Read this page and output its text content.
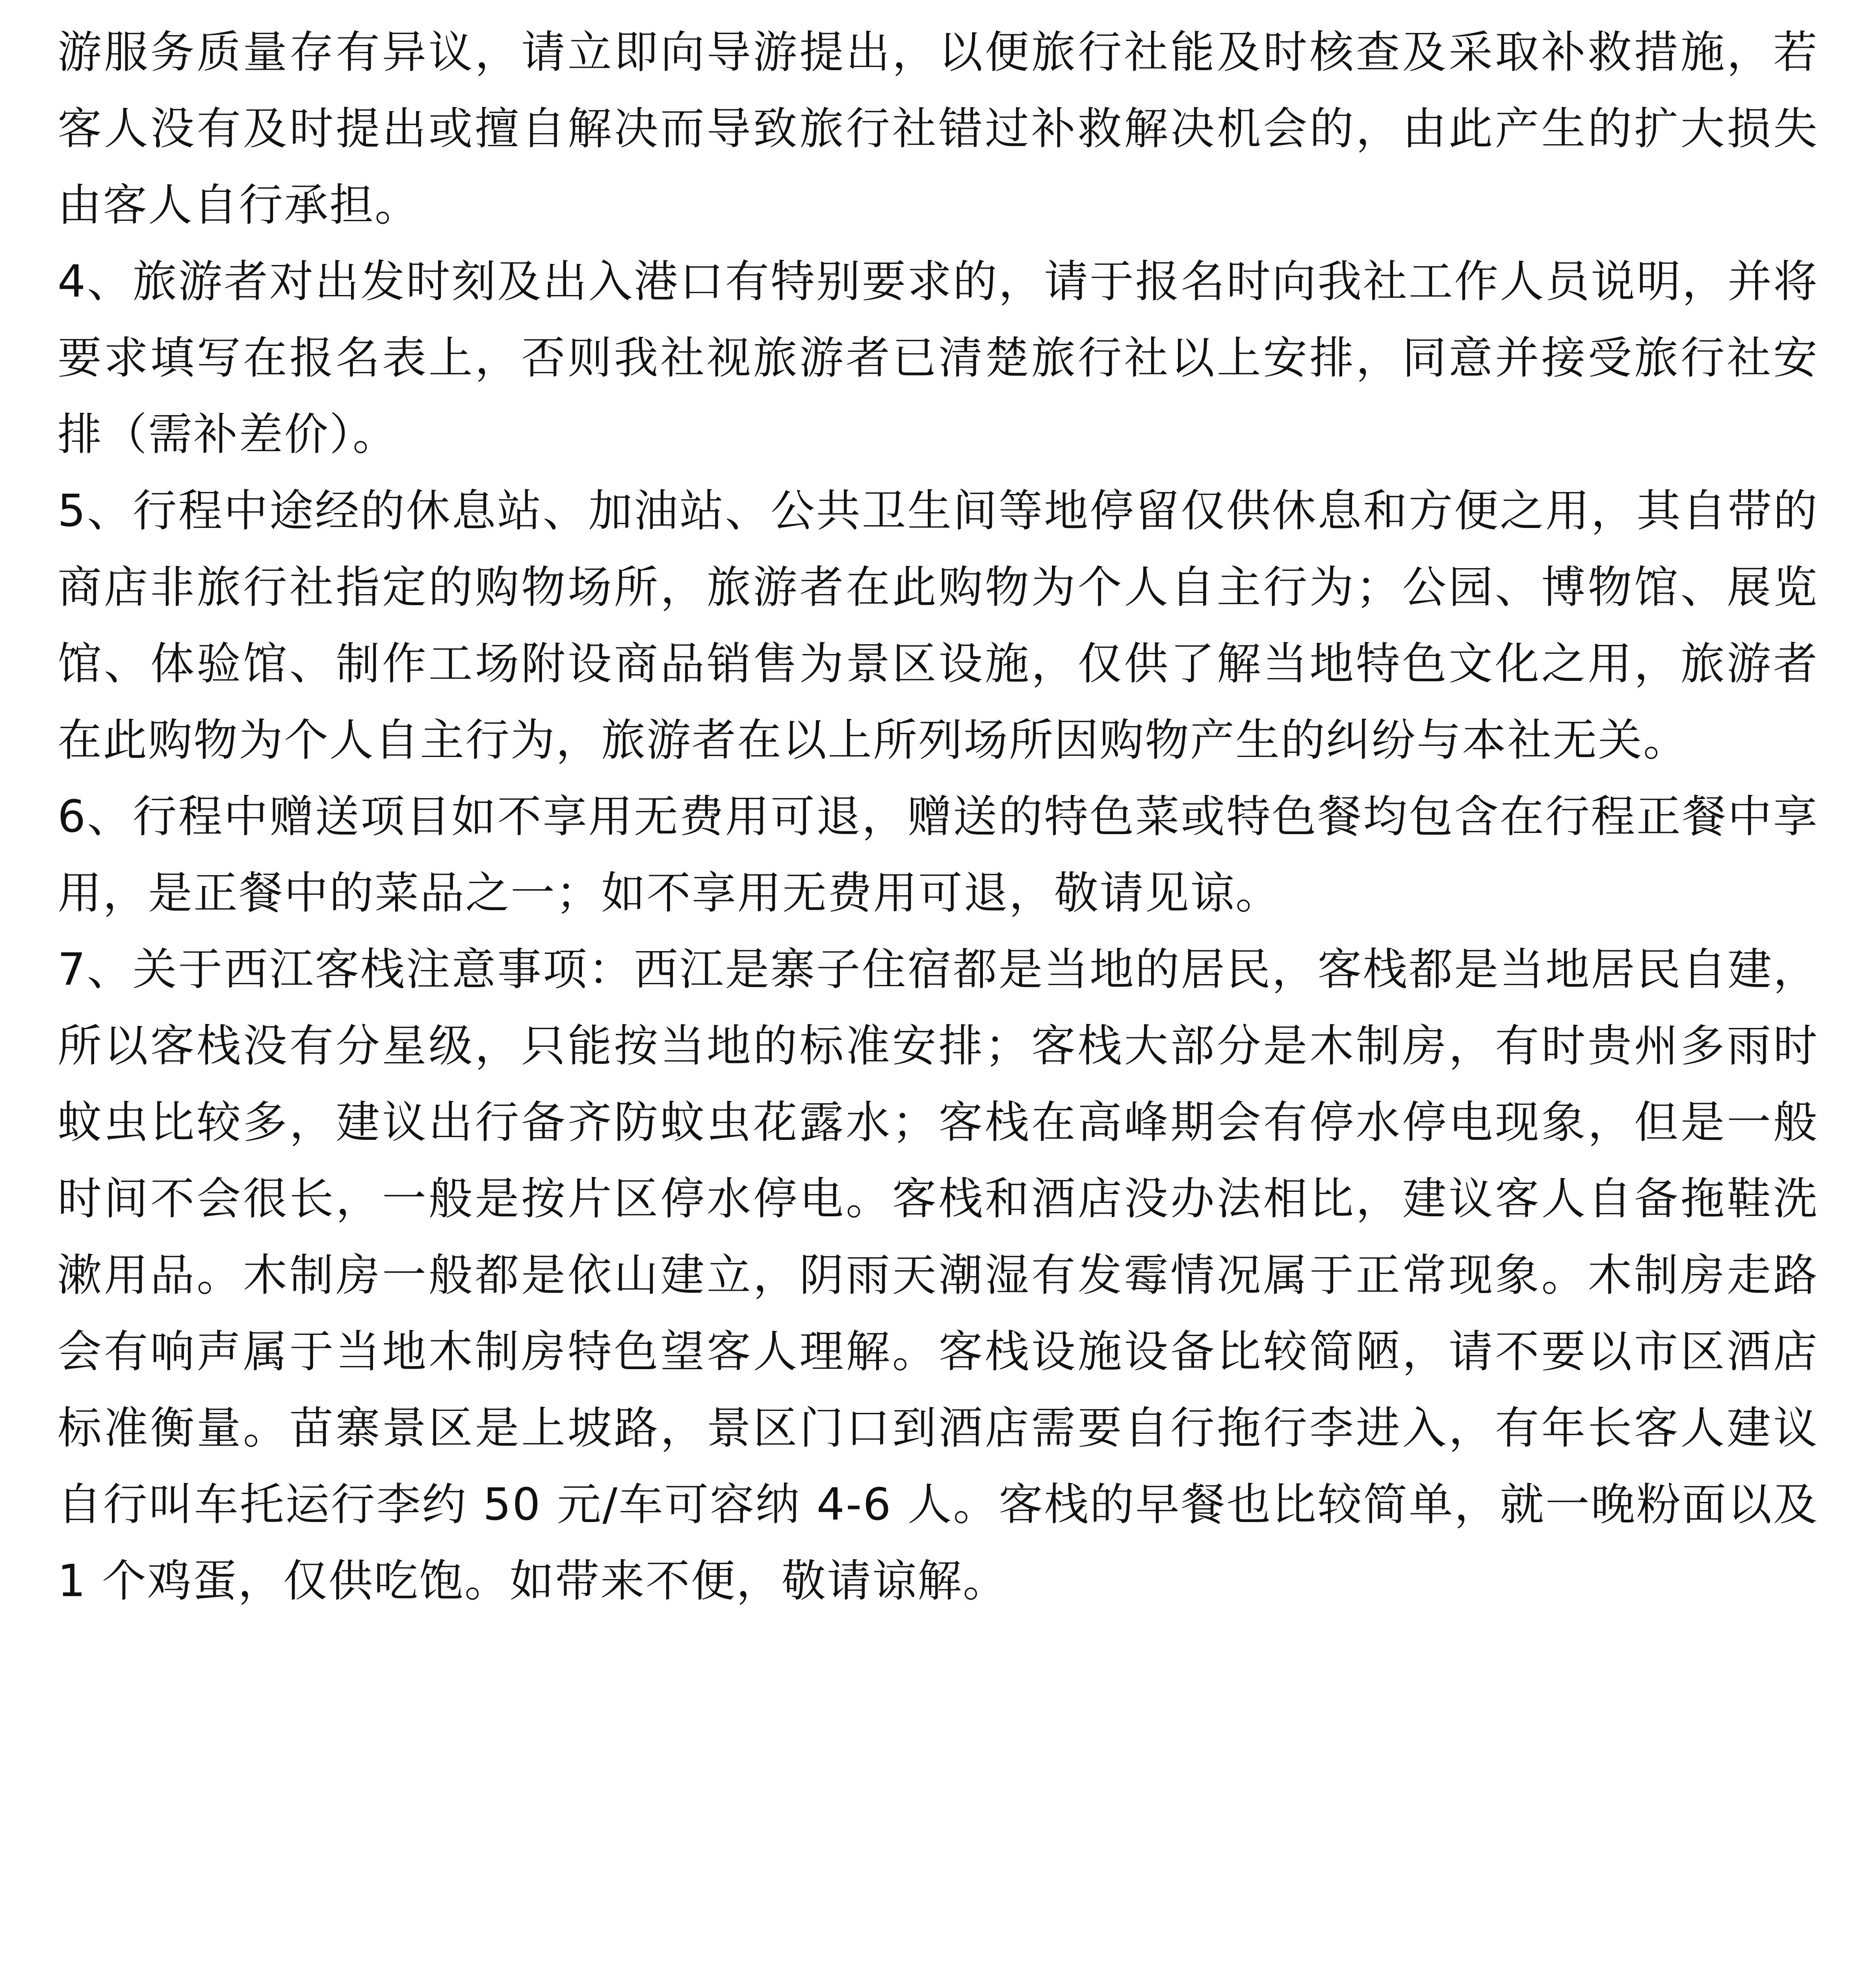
游服务质量存有异议，请立即向导游提出，以便旅行社能及时核查及采取补救措施，若客人没有及时提出或擅自解决而导致旅行社错过补救解决机会的，由此产生的扩大损失由客人自行承担。

4、旅游者对出发时刻及出入港口有特别要求的，请于报名时向我社工作人员说明，并将要求填写在报名表上，否则我社视旅游者已清楚旅行社以上安排，同意并接受旅行社安排（需补差价）。

5、行程中途经的休息站、加油站、公共卫生间等地停留仅供休息和方便之用，其自带的商店非旅行社指定的购物场所，旅游者在此购物为个人自主行为；公园、博物馆、展览馆、体验馆、制作工场附设商品销售为景区设施，仅供了解当地特色文化之用，旅游者在此购物为个人自主行为，旅游者在以上所列场所因购物产生的纠纷与本社无关。

6、行程中赠送项目如不享用无费用可退，赠送的特色菜或特色餐均包含在行程正餐中享用，是正餐中的菜品之一；如不享用无费用可退，敬请见谅。

7、关于西江客栈注意事项：西江是寨子住宿都是当地的居民，客栈都是当地居民自建，所以客栈没有分星级，只能按当地的标准安排；客栈大部分是木制房，有时贵州多雨时蚊虫比较多，建议出行备齐防蚊虫花露水；客栈在高峰期会有停水停电现象，但是一般时间不会很长，一般是按片区停水停电。客栈和酒店没办法相比，建议客人自备拖鞋洗漱用品。木制房一般都是依山建立，阴雨天潮湿有发霉情况属于正常现象。木制房走路会有响声属于当地木制房特色望客人理解。客栈设施设备比较简陋，请不要以市区酒店标准衡量。苗寨景区是上坡路，景区门口到酒店需要自行拖行李进入，有年长客人建议自行叫车托运行李约 50 元/车可容纳 4-6 人。客栈的早餐也比较简单，就一晚粉面以及 1 个鸡蛋，仅供吃饱。如带来不便，敬请谅解。
